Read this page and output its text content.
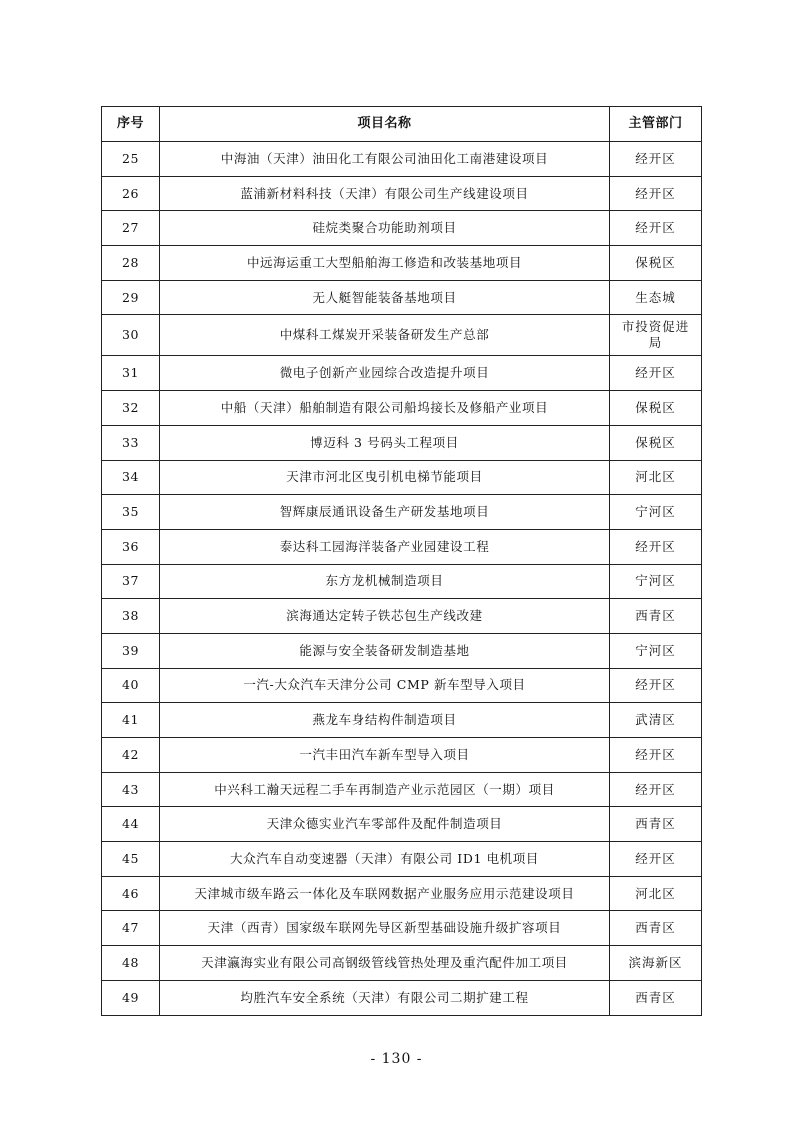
序号	项目名称	主管部门
25	中海油（天津）油田化工有限公司油田化工南港建设项目	经开区
26	蓝浦新材料科技（天津）有限公司生产线建设项目	经开区
27	硅烷类聚合功能助剂项目	经开区
28	中远海运重工大型船舶海工修造和改装基地项目	保税区
29	无人艇智能装备基地项目	生态城
30	中煤科工煤炭开采装备研发生产总部	市投资促进局
31	微电子创新产业园综合改造提升项目	经开区
32	中船（天津）船舶制造有限公司船坞接长及修船产业项目	保税区
33	博迈科 3 号码头工程项目	保税区
34	天津市河北区曳引机电梯节能项目	河北区
35	智辉康辰通讯设备生产研发基地项目	宁河区
36	泰达科工园海洋装备产业园建设工程	经开区
37	东方龙机械制造项目	宁河区
38	滨海通达定转子铁芯包生产线改建	西青区
39	能源与安全装备研发制造基地	宁河区
40	一汽-大众汽车天津分公司 CMP 新车型导入项目	经开区
41	燕龙车身结构件制造项目	武清区
42	一汽丰田汽车新车型导入项目	经开区
43	中兴科工瀚天远程二手车再制造产业示范园区（一期）项目	经开区
44	天津众德实业汽车零部件及配件制造项目	西青区
45	大众汽车自动变速器（天津）有限公司 ID1 电机项目	经开区
46	天津城市级车路云一体化及车联网数据产业服务应用示范建设项目	河北区
47	天津（西青）国家级车联网先导区新型基础设施升级扩容项目	西青区
48	天津瀛海实业有限公司高钢级管线管热处理及重汽配件加工项目	滨海新区
49	均胜汽车安全系统（天津）有限公司二期扩建工程	西青区
- 130 -
